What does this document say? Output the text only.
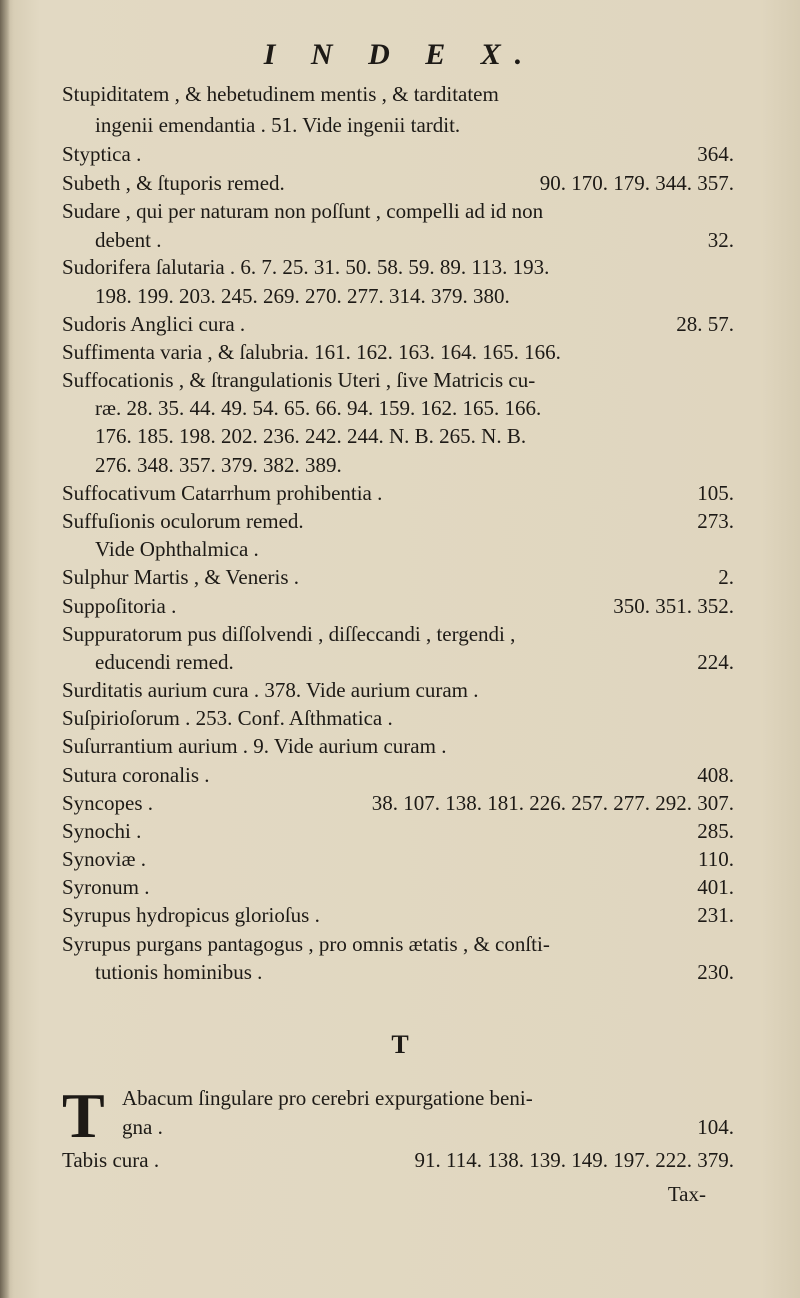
I N D E X.
Stupiditatem , & hebetudinem mentis , & tarditatem
ingenii emendantia . 51. Vide ingenii tardit.
Styptica .	364.
Subeth , & ſtuporis remed.	90. 170. 179. 344. 357.
Sudare , qui per naturam non poſſunt , compelli ad id non
debent .	32.
Sudorifera ſalutaria . 6. 7. 25. 31. 50. 58. 59. 89. 113. 193.
198. 199. 203. 245. 269. 270. 277. 314. 379. 380.
Sudoris Anglici cura .	28. 57.
Suffimenta varia , & ſalubria. 161. 162. 163. 164. 165. 166.
Suffocationis , & ſtrangulationis Uteri , ſive Matricis cu-
ræ. 28. 35. 44. 49. 54. 65. 66. 94. 159. 162. 165. 166.
176. 185. 198. 202. 236. 242. 244. N. B. 265. N. B.
276. 348. 357. 379. 382. 389.
Suffocativum Catarrhum prohibentia .	105.
Suffuſionis oculorum remed.	273.
Vide Ophthalmica .
Sulphur Martis , & Veneris .	2.
Suppoſitoria .	350. 351. 352.
Suppuratorum pus diſſolvendi , diſſeccandi , tergendi ,
educendi remed.	224.
Surditatis aurium cura . 378. Vide aurium curam .
Suſpirioſorum . 253. Conf. Aſthmatica .
Suſurrantium aurium . 9. Vide aurium curam .
Sutura coronalis .	408.
Syncopes .	38. 107. 138. 181. 226. 257. 277. 292. 307.
Synochi .	285.
Synoviæ .	110.
Syronum .	401.
Syrupus hydropicus glorioſus .	231.
Syrupus purgans pantagogus , pro omnis ætatis , & conſti-
tutionis hominibus .	230.
T
T Abacum ſingulare pro cerebri expurgatione beni-
gna .	104.
Tabis cura .	91. 114. 138. 139. 149. 197. 222. 379.
Tax-
